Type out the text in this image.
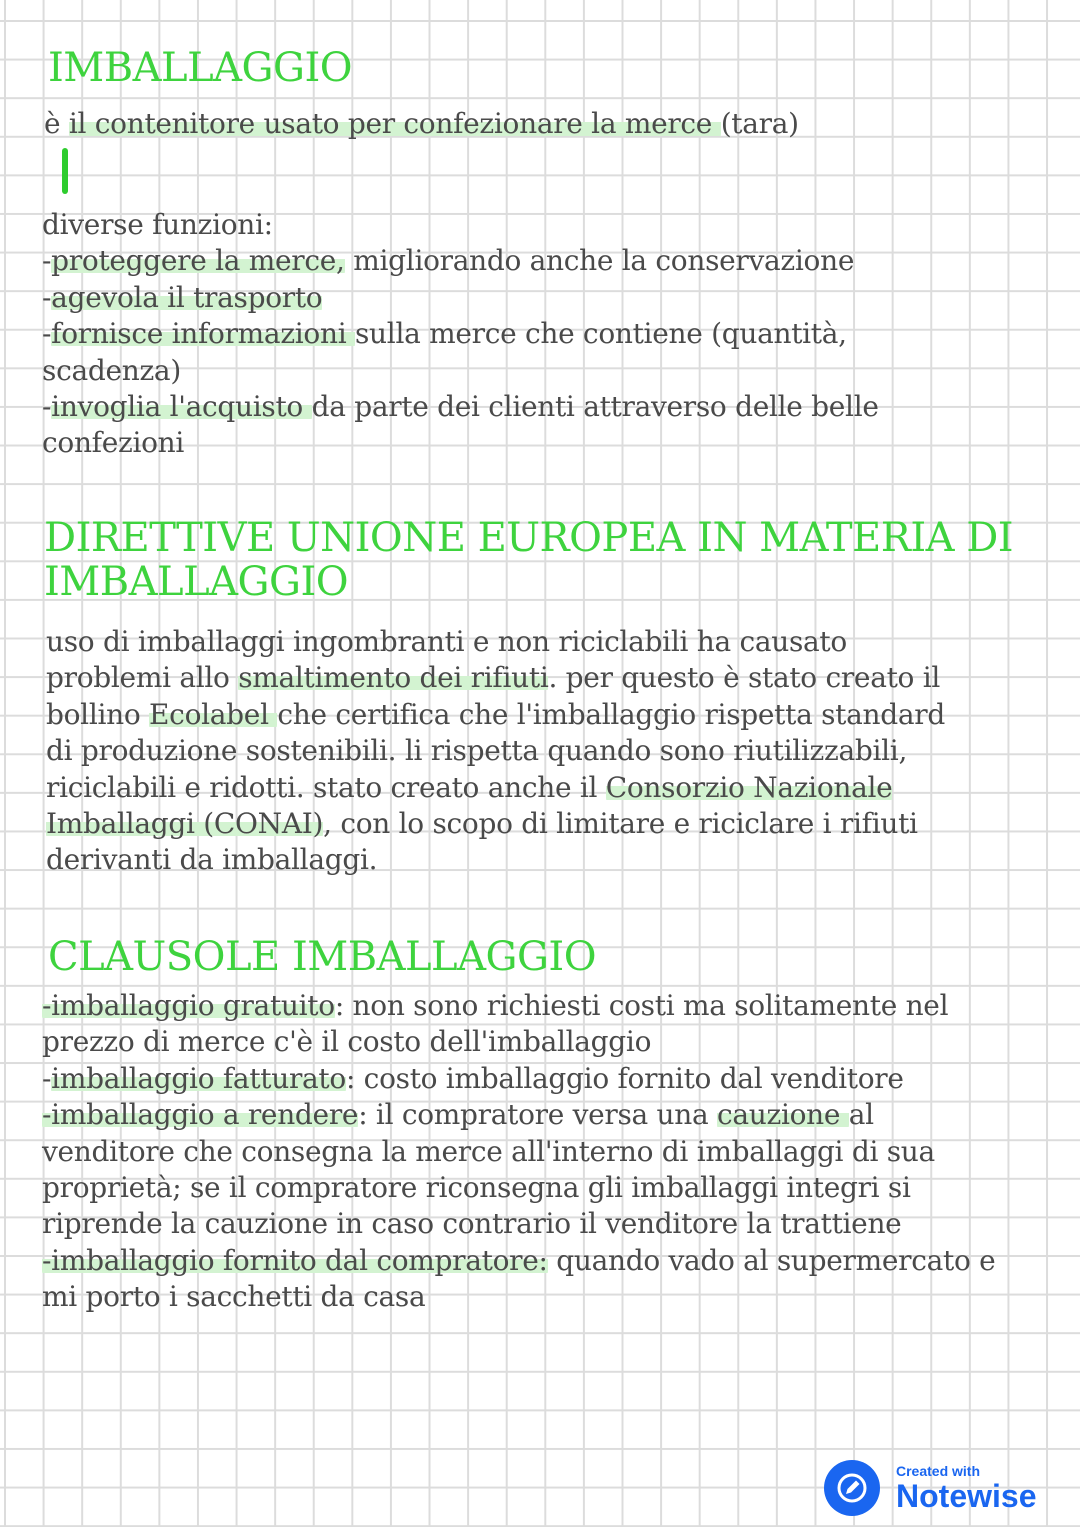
IMBALLAGGIO
è il contenitore usato per confezionare la merce (tara)
diverse funzioni:
-proteggere la merce, migliorando anche la conservazione
-agevola il trasporto
-fornisce informazioni sulla merce che contiene (quantità,
scadenza)
-invoglia l'acquisto da parte dei clienti attraverso delle belle
confezioni
DIRETTIVE UNIONE EUROPEA IN MATERIA DI
IMBALLAGGIO
uso di imballaggi ingombranti e non riciclabili ha causato
problemi allo smaltimento dei rifiuti. per questo è stato creato il
bollino Ecolabel che certifica che l'imballaggio rispetta standard
di produzione sostenibili. li rispetta quando sono riutilizzabili,
riciclabili e ridotti. stato creato anche il Consorzio Nazionale
Imballaggi (CONAI), con lo scopo di limitare e riciclare i rifiuti
derivanti da imballaggi.
CLAUSOLE IMBALLAGGIO
-imballaggio gratuito: non sono richiesti costi ma solitamente nel
prezzo di merce c'è il costo dell'imballaggio
-imballaggio fatturato: costo imballaggio fornito dal venditore
-imballaggio a rendere: il compratore versa una cauzione al
venditore che consegna la merce all'interno di imballaggi di sua
proprietà; se il compratore riconsegna gli imballaggi integri si
riprende la cauzione in caso contrario il venditore la trattiene
-imballaggio fornito dal compratore: quando vado al supermercato e
mi porto i sacchetti da casa
Created with
Notewise
